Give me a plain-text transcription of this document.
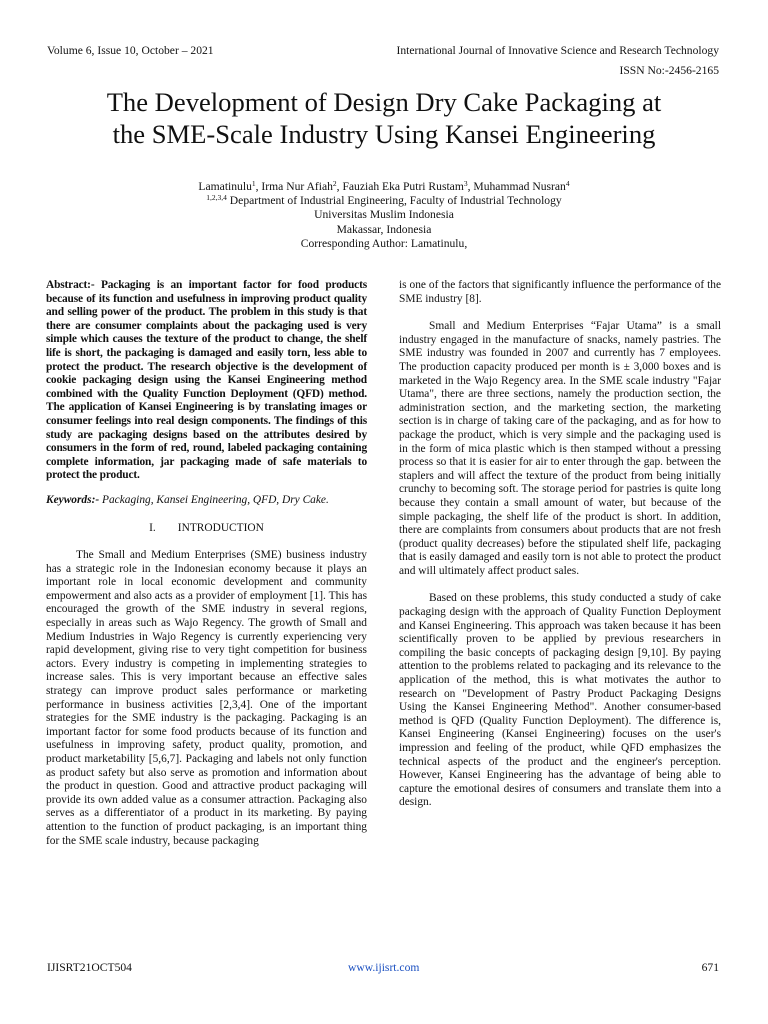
Volume 6, Issue 10, October – 2021	International Journal of Innovative Science and Research Technology
ISSN No:-2456-2165
The Development of Design Dry Cake Packaging at
the SME-Scale Industry Using Kansei Engineering
Lamatinulu$^1$, Irma Nur Afiah$^2$, Fauziah Eka Putri Rustam$^3$, Muhammad Nusran$^4$
$^{1,2,3,4}$ Department of Industrial Engineering, Faculty of Industrial Technology
Universitas Muslim Indonesia
Makassar, Indonesia
Corresponding Author: Lamatinulu,

Abstract:- Packaging is an important factor for food products because of its function and usefulness in improving product quality and selling power of the product. The problem in this study is that there are consumer complaints about the packaging used is very simple which causes the texture of the product to change, the shelf life is short, the packaging is damaged and easily torn, less able to protect the product. The research objective is the development of cookie packaging design using the Kansei Engineering method combined with the Quality Function Deployment (QFD) method. The application of Kansei Engineering is by translating images or consumer feelings into real design components. The findings of this study are packaging designs based on the attributes desired by consumers in the form of red, round, labeled packaging containing complete information, jar packaging made of safe materials to protect the product.

Keywords:- Packaging, Kansei Engineering, QFD, Dry Cake.

I. INTRODUCTION

The Small and Medium Enterprises (SME) business industry has a strategic role in the Indonesian economy because it plays an important role in local economic development and community empowerment and also acts as a provider of employment [1]. This has encouraged the growth of the SME industry in several regions, especially in areas such as Wajo Regency. The growth of Small and Medium Industries in Wajo Regency is currently experiencing very rapid development, giving rise to very tight competition for business actors. Every industry is competing in implementing strategies to increase sales. This is very important because an effective sales strategy can improve product sales performance or marketing performance in business activities [2,3,4]. One of the important strategies for the SME industry is the packaging. Packaging is an important factor for some food products because of its function and usefulness in improving safety, product quality, promotion, and product marketability [5,6,7]. Packaging and labels not only function as product safety but also serve as promotion and information about the product in question. Good and attractive product packaging will provide its own added value as a consumer attraction. Packaging also serves as a differentiator of a product in its marketing. By paying attention to the function of product packaging, is an important thing for the SME scale industry, because packaging

is one of the factors that significantly influence the performance of the SME industry [8].

Small and Medium Enterprises “Fajar Utama” is a small industry engaged in the manufacture of snacks, namely pastries. The SME industry was founded in 2007 and currently has 7 employees. The production capacity produced per month is ± 3,000 boxes and is marketed in the Wajo Regency area. In the SME scale industry "Fajar Utama", there are three sections, namely the production section, the administration section, and the marketing section, the marketing section is in charge of taking care of the packaging, and as for how to package the product, which is very simple and the packaging used is in the form of mica plastic which is then stamped without a pressing process so that it is easier for air to enter through the gap. between the staplers and will affect the texture of the product from being initially crunchy to becoming soft. The storage period for pastries is quite long because they contain a small amount of water, but because of the simple packaging, the shelf life of the product is short. In addition, there are complaints from consumers about products that are not fresh (product quality decreases) before the stipulated shelf life, packaging that is easily damaged and easily torn is not able to protect the product and will ultimately affect product sales.

Based on these problems, this study conducted a study of cake packaging design with the approach of Quality Function Deployment and Kansei Engineering. This approach was taken because it has been scientifically proven to be applied by previous researchers in compiling the basic concepts of packaging design [9,10]. By paying attention to the problems related to packaging and its relevance to the application of the method, this is what motivates the author to research on "Development of Pastry Product Packaging Designs Using the Kansei Engineering Method". Another consumer-based method is QFD (Quality Function Deployment). The difference is, Kansei Engineering (Kansei Engineering) focuses on the user's impression and feeling of the product, while QFD emphasizes the technical aspects of the product and the engineer's perception. However, Kansei Engineering has the advantage of being able to capture the emotional desires of consumers and translate them into a design.

IJISRT21OCT504	www.ijisrt.com	671
